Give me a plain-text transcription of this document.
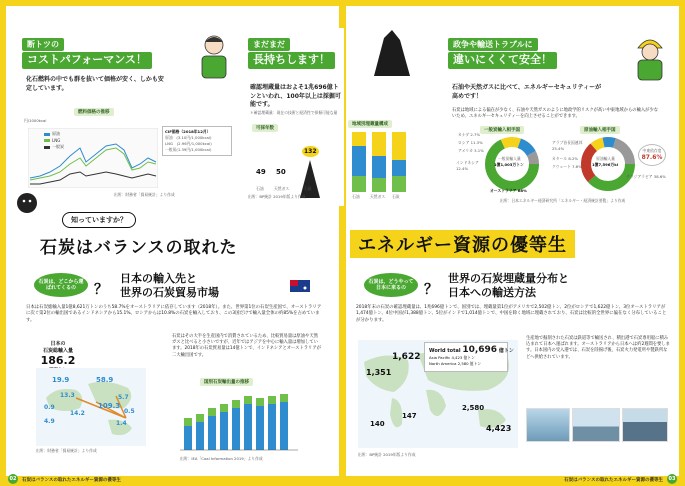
断トツの
コストパフォーマンス！
化石燃料の中でも群を抜いて価格が安く、しかも安定しています。
燃料価格の推移
円/1000kcal
原油
LNG
一般炭
CIF価格（2018年12月）
原油　(3.10円/1,000kcal)
LNG　(2.96円/1,000kcal)
一般炭(1.39円/1,000kcal)
出所：財務省「貿易統計」より作成
まだまだ
長持ちします！
確認埋蔵量はおよそ1兆696億トンといわれ、100年以上は採掘可能です。
＊確認埋蔵量：現在の技術と経済性で採掘可能な量
可採年数
49 50
132
石油	天然ガス	石炭
出所：BP統計 2019年版より作成
地域別埋蔵量構成
石油	天然ガス 石炭
政争や輸送トラブルに
違いにくくて安全！
石油や天然ガスに比べて、エネルギーセキュリティーが高めです！
石炭は地域による偏在が少なく、石油や天然ガスのように地政学的リスクが高い中東地域からの輸入が少ないため、エネルギーセキュリティーを向上させることができます。
一般炭輸入相手国
一般炭輸入量
1億1,003万トン
オーストラリア 68%
インドネシア
12.4%
ロシア 11.3%
アメリカ 3.1%
カナダ 2.7%
原油輸入相手国
原油輸入量
1億7,596万kl
中東依存度
87.6%
サウジアラビア 38.6%
アラブ首長国連邦
25.4%
カタール 8.2%
クウェート 7.6%
出所：日本エネルギー経済研究所「エネルギー・経済統計要覧」より作成
知っていますか？
石炭はバランスの取れた	エネルギー資源の優等生
石炭は、どこから運ばれてくるの	？
日本の輸入先と
世界の石炭貿易市場
日本は石炭総輸入量1億8,621万トンのうち58.7%をオーストラリアに依存しています（2018年）。また、世界第1位の石炭生産国で、オーストラリアに次ぐ第2位の輸出国であるインドネシアから15.1%、ロシアからは10.8%の石炭を輸入しており、この3国だけで輸入量全体の約85%を占めています。
日本の
石炭総輸入量
186.2
19.9	58.9
13.3
0.9
4.9
14.2
109.3
5.7
1.4
0.5
出所：財務省「貿易統計」より作成
石炭はその大半を生産国内で消費されているため、比較貿易量は原油や天然ガスと比べると小さいですが、近年ではアジアを中心に輸入量は増加しています。2018年の石炭貿易量は14億トンで、インドネシアとオーストラリアが二大輸出国です。
国別石炭輸出量の推移
出所：IEA「Coal Information 2019」より作成
石炭は、どうやって日本に来るの	？
世界の石炭埋蔵量分布と
日本への輸送方法
2018年末の石炭の確認埋蔵量は、1兆696億トンで、国別では、埋蔵量第1位がアメリカで2,502億トン、2位がロシアで1,622億トン、3位オーストラリアが1,474億トン、4位中国が1,388億トン、5位がインドで1,014億トンで、中国を除く地域に埋蔵されており、石炭は比較的全世界に偏在なく分布していることが分かります。
1,622
1,351
147
140
2,580
4,423
World total 10,696 億トン
Asia Pacific 4,423 億トン
North America 2,580 億トン
出所：BP統計 2019年版より作成
生産地で掘削された石炭は鉄道等で輸送され、積出港で石炭専用船に積み込まれて日本へ運ばれます。オーストラリアから日本へは約2週間を要します。日本国内の受入港では、石炭を陸揚げ後、石炭火力発電所や製鉄所などへ供給されています。
02	石炭はバランスの取れたエネルギー資源の優等生	石炭はバランスの取れたエネルギー資源の優等生	03
